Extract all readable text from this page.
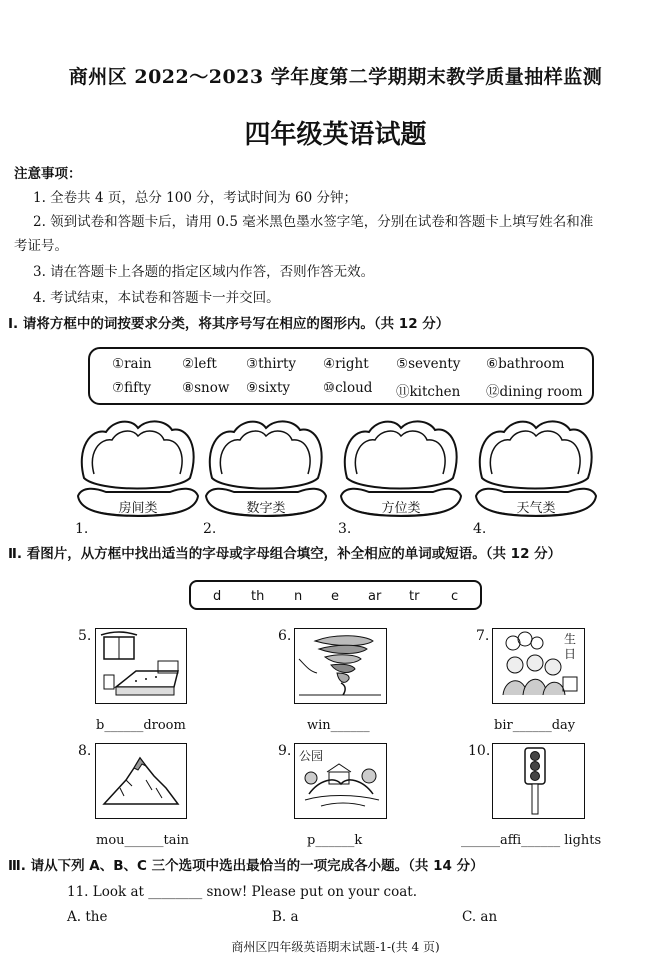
商州区 2022～2023 学年度第二学期期末教学质量抽样监测
四年级英语试题
注意事项：
1. 全卷共 4 页，总分 100 分，考试时间为 60 分钟；
2. 领到试卷和答题卡后，请用 0.5 毫米黑色墨水签字笔，分别在试卷和答题卡上填写姓名和准
考证号。
3. 请在答题卡上各题的指定区域内作答，否则作答无效。
4. 考试结束，本试卷和答题卡一并交回。
Ⅰ. 请将方框中的词按要求分类，将其序号写在相应的图形内。（共 12 分）
①rain ②left ③thirty ④right ⑤seventy ⑥bathroom
⑦fifty ⑧snow ⑨sixty ⑩cloud ⑪kitchen ⑫dining room
房间类	数字类	方位类	天气类
1.	2.	3.	4.
Ⅱ. 看图片，从方框中找出适当的字母或字母组合填空，补全相应的单词或短语。（共 12 分）
d th n e ar tr c
5.
b______droom
6.
win______
7.	生日
bir______day
8.
mou______tain
9. 公园
p______k
10.
______affi______ lights
Ⅲ. 请从下列 A、B、C 三个选项中选出最恰当的一项完成各小题。（共 14 分）
11. Look at ________ snow! Please put on your coat.
A. the	B. a	C. an
商州区四年级英语期末试题-1-(共 4 页)
